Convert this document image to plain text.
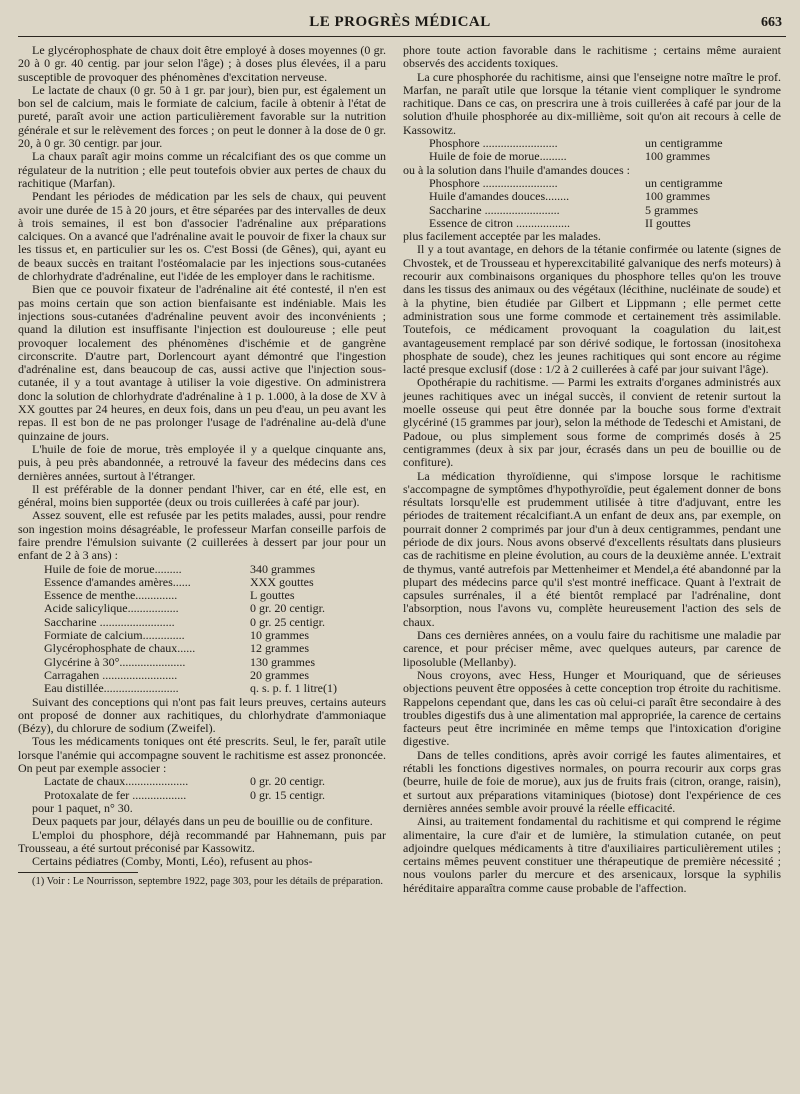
LE PROGRÈS MÉDICAL	663

Le glycérophosphate de chaux doit être employé à doses moyennes (0 gr. 20 à 0 gr. 40 centig. par jour selon l'âge) ; à doses plus élevées, il a paru susceptible de provoquer des phénomènes d'excitation nerveuse.

Le lactate de chaux (0 gr. 50 à 1 gr. par jour), bien pur, est également un bon sel de calcium, mais le formiate de calcium, facile à obtenir à l'état de pureté, paraît avoir une action particulièrement favorable sur la nutrition générale et sur le relèvement des forces ; on peut le donner à la dose de 0 gr. 20, à 0 gr. 30 centigr. par jour.

La chaux paraît agir moins comme un récalcifiant des os que comme un régulateur de la nutrition ; elle peut toutefois obvier aux pertes de chaux du rachitique (Marfan).

Pendant les périodes de médication par les sels de chaux, qui peuvent avoir une durée de 15 à 20 jours, et être séparées par des intervalles de deux à trois semaines, il est bon d'associer l'adrénaline aux préparations calciques. On a avancé que l'adrénaline avait le pouvoir de fixer la chaux sur les tissus et, en particulier sur les os. C'est Bossi (de Gênes), qui, ayant eu de beaux succès en traitant l'ostéomalacie par les injections sous-cutanées de chlorhydrate d'adrénaline, eut l'idée de les employer dans le rachitisme.

Bien que ce pouvoir fixateur de l'adrénaline ait été contesté, il n'en est pas moins certain que son action bienfaisante est indéniable. Mais les injections sous-cutanées d'adrénaline peuvent avoir des inconvénients ; quand la dilution est insuffisante l'injection est douloureuse ; elle peut provoquer localement des phénomènes d'ischémie et de gangrène circonscrite. D'autre part, Dorlencourt ayant démontré que l'ingestion d'adrénaline est, dans beaucoup de cas, aussi active que l'injection sous-cutanée, il y a tout avantage à utiliser la voie digestive. On administrera donc la solution de chlorhydrate d'adrénaline à 1 p. 1.000, à la dose de XV à XX gouttes par 24 heures, en deux fois, dans un peu d'eau, un peu avant les repas. Il est bon de ne pas prolonger l'usage de l'adrénaline au-delà d'une quinzaine de jours.

L'huile de foie de morue, très employée il y a quelque cinquante ans, puis, à peu près abandonnée, a retrouvé la faveur des médecins dans ces dernières années, surtout à l'étranger.

Il est préférable de la donner pendant l'hiver, car en été, elle est, en général, moins bien supportée (deux ou trois cuillerées à café par jour).

Assez souvent, elle est refusée par les petits malades, aussi, pour rendre son ingestion moins désagréable, le professeur Marfan conseille parfois de faire prendre l'émulsion suivante (2 cuillerées à dessert par jour pour un enfant de 2 à 3 ans) :

Huile de foie de morue.........	340 grammes
Essence d'amandes amères......	XXX gouttes
Essence de menthe..............	L gouttes
Acide salicylique.................	0 gr. 20 centigr.
Saccharine .........................	0 gr. 25 centigr.
Formiate de calcium..............	10 grammes
Glycérophosphate de chaux......	12 grammes
Glycérine à 30°......................	130 grammes
Carragahen .........................	20 grammes
Eau distillée.........................	q. s. p. f. 1 litre(1)

Suivant des conceptions qui n'ont pas fait leurs preuves, certains auteurs ont proposé de donner aux rachitiques, du chlorhydrate d'ammoniaque (Bézy), du chlorure de sodium (Zweifel).

Tous les médicaments toniques ont été prescrits. Seul, le fer, paraît utile lorsque l'anémie qui accompagne souvent le rachitisme est assez prononcée. On peut par exemple associer :

Lactate de chaux.....................	0 gr. 20 centigr.
Protoxalate de fer ..................	0 gr. 15 centigr.

pour 1 paquet, n° 30.

Deux paquets par jour, délayés dans un peu de bouillie ou de confiture.

L'emploi du phosphore, déjà recommandé par Hahnemann, puis par Trousseau, a été surtout préconisé par Kassowitz.

Certains pédiatres (Comby, Monti, Léo), refusent au phos-

(1) Voir : Le Nourrisson, septembre 1922, page 303, pour les détails de préparation.

phore toute action favorable dans le rachitisme ; certains même auraient observés des accidents toxiques.

La cure phosphorée du rachitisme, ainsi que l'enseigne notre maître le prof. Marfan, ne paraît utile que lorsque la tétanie vient compliquer le syndrome rachitique. Dans ce cas, on prescrira une à trois cuillerées à café par jour de la solution d'huile phosphorée au dix-millième, soit qu'on ait recours à celle de Kassowitz.

Phosphore .........................	un centigramme
Huile de foie de morue.........	100 grammes

ou à la solution dans l'huile d'amandes douces :

Phosphore .........................	un centigramme
Huile d'amandes douces........	100 grammes
Saccharine .........................	5 grammes
Essence de citron ..................	II gouttes

plus facilement acceptée par les malades.

Il y a tout avantage, en dehors de la tétanie confirmée ou latente (signes de Chvostek, et de Trousseau et hyperexcitabilité galvanique des nerfs moteurs) à recourir aux combinaisons organiques du phosphore telles qu'on les trouve dans les tissus des animaux ou des végétaux (lécithine, nucléinate de soude) et à la phytine, bien étudiée par Gilbert et Lippmann ; elle permet cette administration sous une forme commode et certainement très assimilable. Toutefois, ce médicament provoquant la coagulation du lait,est avantageusement remplacé par son dérivé sodique, le fortossan (inositohexa phosphate de soude), chez les jeunes rachitiques qui sont encore au régime lacté presque exclusif (dose : 1/2 à 2 cuillerées à café par jour suivant l'âge).

Opothérapie du rachitisme. — Parmi les extraits d'organes administrés aux jeunes rachitiques avec un inégal succès, il convient de retenir surtout la moelle osseuse qui peut être donnée par la bouche sous forme d'extrait glycériné (15 grammes par jour), selon la méthode de Tedeschi et Amistani, de Padoue, ou plus simplement sous forme de comprimés dosés à 25 centigrammes (deux à six par jour, écrasés dans un peu de bouillie ou de confiture).

La médication thyroïdienne, qui s'impose lorsque le rachitisme s'accompagne de symptômes d'hypothyroïdie, peut également donner de bons résultats lorsqu'elle est prudemment utilisée à titre d'adjuvant, entre les périodes de traitement récalcifiant.A un enfant de deux ans, par exemple, on pourrait donner 2 comprimés par jour d'un à deux centigrammes, pendant une période de dix jours. Nous avons observé d'excellents résultats dans plusieurs cas de rachitisme en pleine évolution, au cours de la deuxième année. L'extrait de thymus, vanté autrefois par Mettenheimer et Mendel,a été abandonné par la plupart des médecins parce qu'il s'est montré inefficace. Quant à l'extrait de capsules surrénales, il a été bientôt remplacé par l'adrénaline, dont l'absorption, nous l'avons vu, complète heureusement l'action des sels de chaux.

Dans ces dernières années, on a voulu faire du rachitisme une maladie par carence, et pour préciser même, avec quelques auteurs, par carence de liposoluble (Mellanby).

Nous croyons, avec Hess, Hunger et Mouriquand, que de sérieuses objections peuvent être opposées à cette conception trop étroite du rachitisme. Rappelons cependant que, dans les cas où celui-ci paraît être secondaire à des troubles digestifs dus à une alimentation mal appropriée, la carence de certains facteurs peut être incriminée en même temps que l'intoxication d'origine digestive.

Dans de telles conditions, après avoir corrigé les fautes alimentaires, et rétabli les fonctions digestives normales, on pourra recourir aux corps gras (beurre, huile de foie de morue), aux jus de fruits frais (citron, orange, raisin), et surtout aux préparations vitaminiques (biotose) dont l'expérience de ces dernières années semble avoir prouvé la réelle efficacité.

Ainsi, au traitement fondamental du rachitisme et qui comprend le régime alimentaire, la cure d'air et de lumière, la stimulation cutanée, on peut adjoindre quelques médicaments à titre d'auxiliaires particulièrement utiles ; certains mêmes peuvent constituer une thérapeutique de première nécessité ; nous voulons parler du mercure et des arsenicaux, lorsque la syphilis héréditaire apparaîtra comme cause probable de l'affection.
